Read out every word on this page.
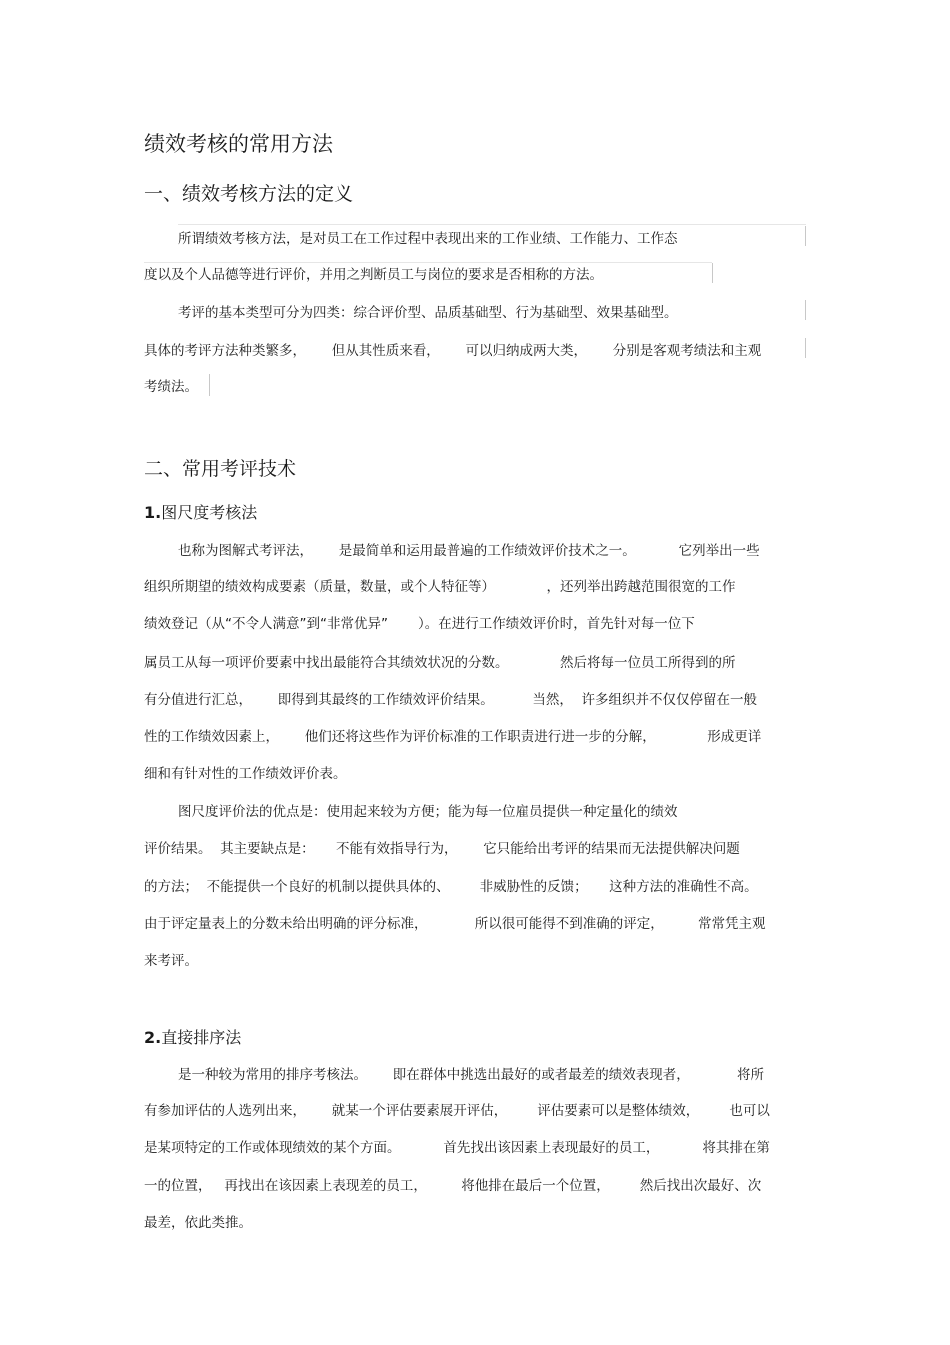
绩效考核的常用方法
一、绩效考核方法的定义

所谓绩效考核方法，是对员工在工作过程中表现出来的工作业绩、工作能力、工作态

度以及个人品德等进行评价，并用之判断员工与岗位的要求是否相称的方法。

考评的基本类型可分为四类：综合评价型、品质基础型、行为基础型、效果基础型。

具体的考评方法种类繁多，      但从其性质来看，      可以归纳成两大类，      分别是客观考绩法和主观

考绩法。

二、常用考评技术
1.图尺度考核法

也称为图解式考评法，      是最简单和运用最普遍的工作绩效评价技术之一。          它列举出一些

组织所期望的绩效构成要素（质量，数量，或个人特征等）            ，还列举出跨越范围很宽的工作

绩效登记（从“不令人满意”到“非常优异”       ）。在进行工作绩效评价时，首先针对每一位下

属员工从每一项评价要素中找出最能符合其绩效状况的分数。            然后将每一位员工所得到的所

有分值进行汇总，      即得到其最终的工作绩效评价结果。         当然，  许多组织并不仅仅停留在一般

性的工作绩效因素上，      他们还将这些作为评价标准的工作职责进行进一步的分解，            形成更详

细和有针对性的工作绩效评价表。

图尺度评价法的优点是：使用起来较为方便；能为每一位雇员提供一种定量化的绩效

评价结果。  其主要缺点是：     不能有效指导行为，      它只能给出考评的结果而无法提供解决问题

的方法；  不能提供一个良好的机制以提供具体的、       非威胁性的反馈；     这种方法的准确性不高。

由于评定量表上的分数未给出明确的评分标准，           所以很可能得不到准确的评定，        常常凭主观

来考评。

2.直接排序法

是一种较为常用的排序考核法。      即在群体中挑选出最好的或者最差的绩效表现者，           将所

有参加评估的人选列出来，      就某一个评估要素展开评估，       评估要素可以是整体绩效，       也可以

是某项特定的工作或体现绩效的某个方面。          首先找出该因素上表现最好的员工，          将其排在第

一的位置，   再找出在该因素上表现差的员工，        将他排在最后一个位置，       然后找出次最好、次

最差，依此类推。
